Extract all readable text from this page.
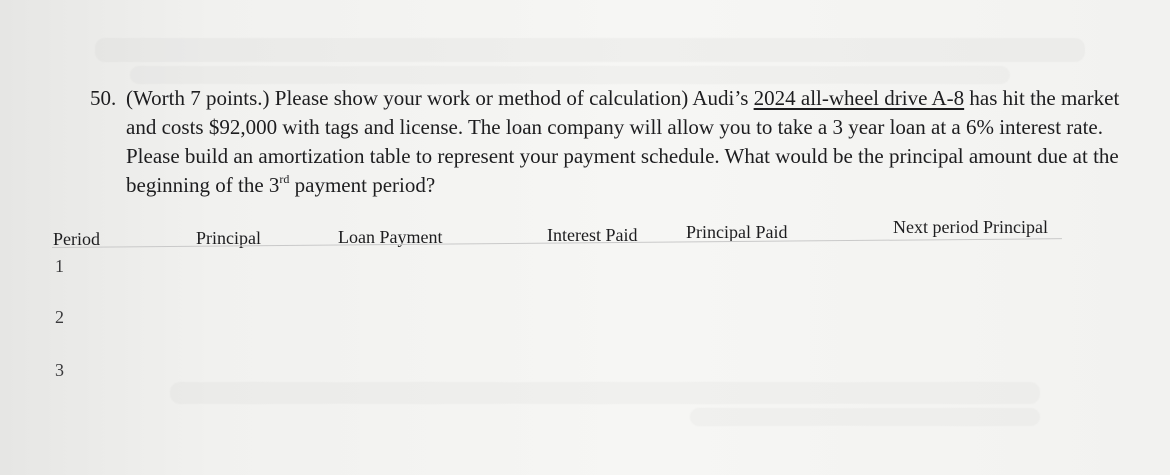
50. (Worth 7 points.) Please show your work or method of calculation) Audi’s 2024 all-wheel drive A-8 has hit the market and costs $92,000 with tags and license. The loan company will allow you to take a 3 year loan at a 6% interest rate. Please build an amortization table to represent your payment schedule. What would be the principal amount due at the beginning of the 3rd payment period?
Period	Principal	Loan Payment	Interest Paid	Principal Paid	Next period Principal
1
2
3
